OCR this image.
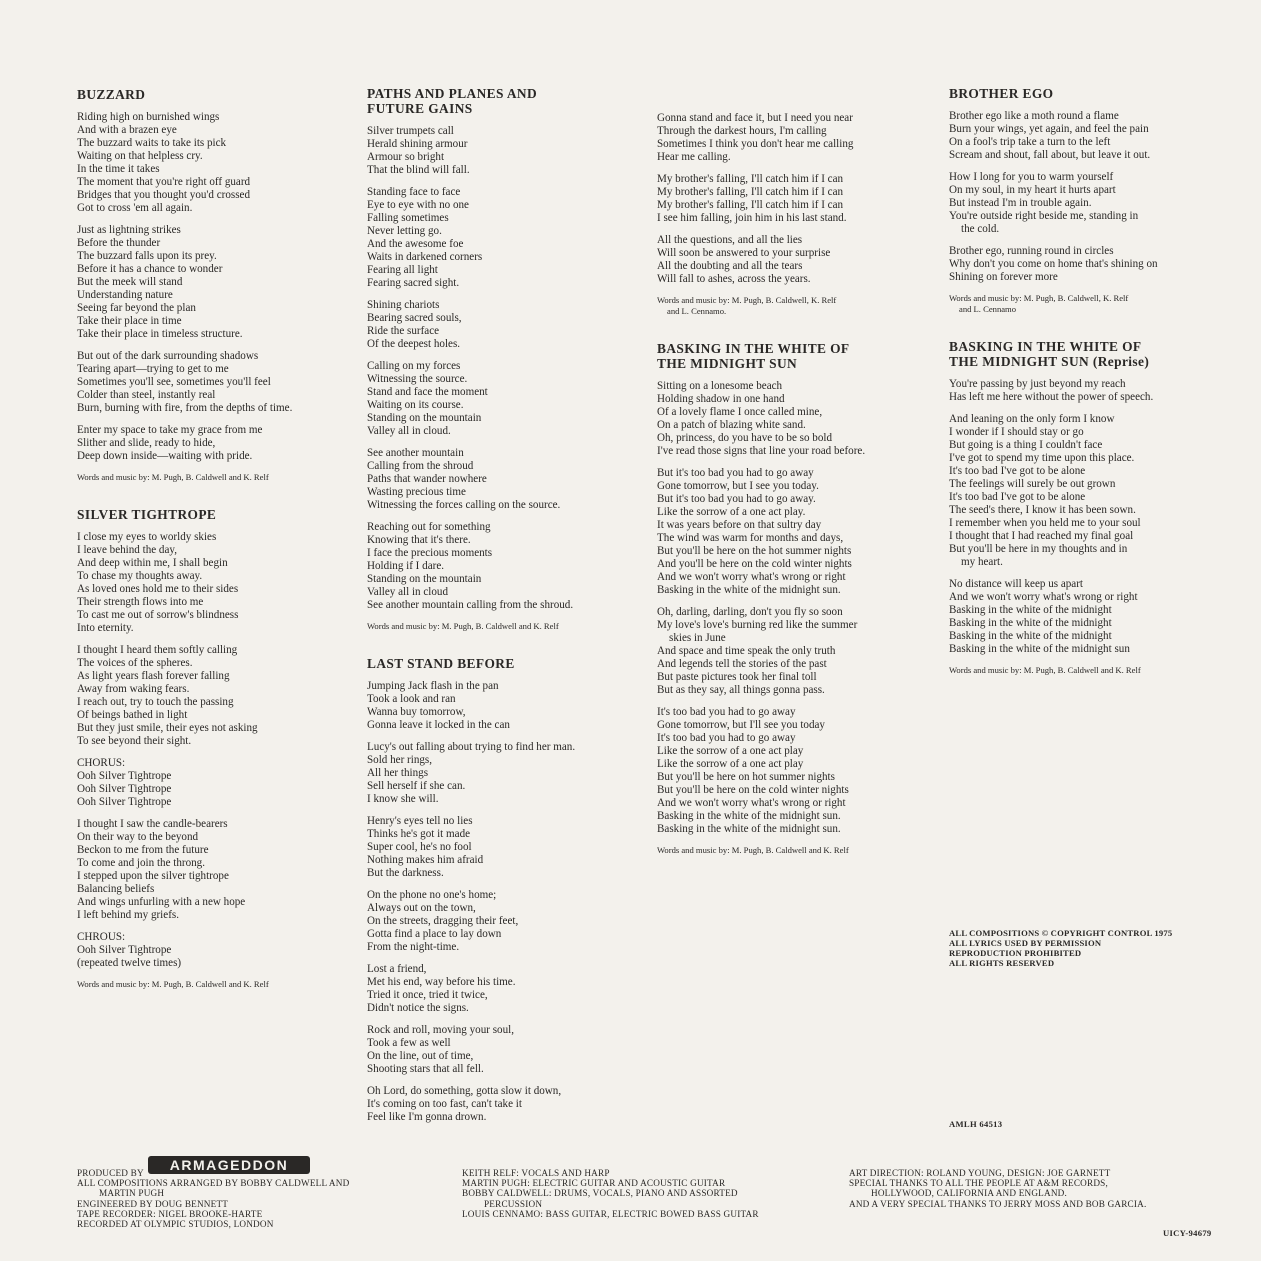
BUZZARD
Riding high on burnished wings
And with a brazen eye
The buzzard waits to take its pick
Waiting on that helpless cry.
In the time it takes
The moment that you're right off guard
Bridges that you thought you'd crossed
Got to cross 'em all again.
Just as lightning strikes
Before the thunder
The buzzard falls upon its prey.
Before it has a chance to wonder
But the meek will stand
Understanding nature
Seeing far beyond the plan
Take their place in time
Take their place in timeless structure.
But out of the dark surrounding shadows
Tearing apart—trying to get to me
Sometimes you'll see, sometimes you'll feel
Colder than steel, instantly real
Burn, burning with fire, from the depths of time.
Enter my space to take my grace from me
Slither and slide, ready to hide,
Deep down inside—waiting with pride.
Words and music by: M. Pugh, B. Caldwell and K. Relf
SILVER TIGHTROPE
I close my eyes to worldy skies
I leave behind the day,
And deep within me, I shall begin
To chase my thoughts away.
As loved ones hold me to their sides
Their strength flows into me
To cast me out of sorrow's blindness
Into eternity.
I thought I heard them softly calling
The voices of the spheres.
As light years flash forever falling
Away from waking fears.
I reach out, try to touch the passing
Of beings bathed in light
But they just smile, their eyes not asking
To see beyond their sight.
CHORUS:
Ooh Silver Tightrope
Ooh Silver Tightrope
Ooh Silver Tightrope
I thought I saw the candle-bearers
On their way to the beyond
Beckon to me from the future
To come and join the throng.
I stepped upon the silver tightrope
Balancing beliefs
And wings unfurling with a new hope
I left behind my griefs.
CHROUS:
Ooh Silver Tightrope
(repeated twelve times)
Words and music by: M. Pugh, B. Caldwell and K. Relf
PATHS AND PLANES AND
FUTURE GAINS
Silver trumpets call
Herald shining armour
Armour so bright
That the blind will fall.
Standing face to face
Eye to eye with no one
Falling sometimes
Never letting go.
And the awesome foe
Waits in darkened corners
Fearing all light
Fearing sacred sight.
Shining chariots
Bearing sacred souls,
Ride the surface
Of the deepest holes.
Calling on my forces
Witnessing the source.
Stand and face the moment
Waiting on its course.
Standing on the mountain
Valley all in cloud.
See another mountain
Calling from the shroud
Paths that wander nowhere
Wasting precious time
Witnessing the forces calling on the source.
Reaching out for something
Knowing that it's there.
I face the precious moments
Holding if I dare.
Standing on the mountain
Valley all in cloud
See another mountain calling from the shroud.
Words and music by: M. Pugh, B. Caldwell and K. Relf
LAST STAND BEFORE
Jumping Jack flash in the pan
Took a look and ran
Wanna buy tomorrow,
Gonna leave it locked in the can
Lucy's out falling about trying to find her man.
Sold her rings,
All her things
Sell herself if she can.
I know she will.
Henry's eyes tell no lies
Thinks he's got it made
Super cool, he's no fool
Nothing makes him afraid
But the darkness.
On the phone no one's home;
Always out on the town,
On the streets, dragging their feet,
Gotta find a place to lay down
From the night-time.
Lost a friend,
Met his end, way before his time.
Tried it once, tried it twice,
Didn't notice the signs.
Rock and roll, moving your soul,
Took a few as well
On the line, out of time,
Shooting stars that all fell.
Oh Lord, do something, gotta slow it down,
It's coming on too fast, can't take it
Feel like I'm gonna drown.
Gonna stand and face it, but I need you near
Through the darkest hours, I'm calling
Sometimes I think you don't hear me calling
Hear me calling.
My brother's falling, I'll catch him if I can
My brother's falling, I'll catch him if I can
My brother's falling, I'll catch him if I can
I see him falling, join him in his last stand.
All the questions, and all the lies
Will soon be answered to your surprise
All the doubting and all the tears
Will fall to ashes, across the years.
Words and music by: M. Pugh, B. Caldwell, K. Relf
and L. Cennamo.
BASKING IN THE WHITE OF
THE MIDNIGHT SUN
Sitting on a lonesome beach
Holding shadow in one hand
Of a lovely flame I once called mine,
On a patch of blazing white sand.
Oh, princess, do you have to be so bold
I've read those signs that line your road before.
But it's too bad you had to go away
Gone tomorrow, but I see you today.
But it's too bad you had to go away.
Like the sorrow of a one act play.
It was years before on that sultry day
The wind was warm for months and days,
But you'll be here on the hot summer nights
And you'll be here on the cold winter nights
And we won't worry what's wrong or right
Basking in the white of the midnight sun.
Oh, darling, darling, don't you fly so soon
My love's love's burning red like the summer
skies in June
And space and time speak the only truth
And legends tell the stories of the past
But paste pictures took her final toll
But as they say, all things gonna pass.
It's too bad you had to go away
Gone tomorrow, but I'll see you today
It's too bad you had to go away
Like the sorrow of a one act play
Like the sorrow of a one act play
But you'll be here on hot summer nights
But you'll be here on the cold winter nights
And we won't worry what's wrong or right
Basking in the white of the midnight sun.
Basking in the white of the midnight sun.
Words and music by: M. Pugh, B. Caldwell and K. Relf
BROTHER EGO
Brother ego like a moth round a flame
Burn your wings, yet again, and feel the pain
On a fool's trip take a turn to the left
Scream and shout, fall about, but leave it out.
How I long for you to warm yourself
On my soul, in my heart it hurts apart
But instead I'm in trouble again.
You're outside right beside me, standing in
the cold.
Brother ego, running round in circles
Why don't you come on home that's shining on
Shining on forever more
Words and music by: M. Pugh, B. Caldwell, K. Relf
and L. Cennamo
BASKING IN THE WHITE OF
THE MIDNIGHT SUN (Reprise)
You're passing by just beyond my reach
Has left me here without the power of speech.
And leaning on the only form I know
I wonder if I should stay or go
But going is a thing I couldn't face
I've got to spend my time upon this place.
It's too bad I've got to be alone
The feelings will surely be out grown
It's too bad I've got to be alone
The seed's there, I know it has been sown.
I remember when you held me to your soul
I thought that I had reached my final goal
But you'll be here in my thoughts and in
my heart.
No distance will keep us apart
And we won't worry what's wrong or right
Basking in the white of the midnight
Basking in the white of the midnight
Basking in the white of the midnight
Basking in the white of the midnight sun
Words and music by: M. Pugh, B. Caldwell and K. Relf
ALL COMPOSITIONS © COPYRIGHT CONTROL 1975
ALL LYRICS USED BY PERMISSION
REPRODUCTION PROHIBITED
ALL RIGHTS RESERVED
AMLH 64513
UICY-94679
PRODUCED BY ARMAGEDDON
ALL COMPOSITIONS ARRANGED BY BOBBY CALDWELL AND
MARTIN PUGH
ENGINEERED BY DOUG BENNETT
TAPE RECORDER: NIGEL BROOKE-HARTE
RECORDED AT OLYMPIC STUDIOS, LONDON
KEITH RELF: VOCALS AND HARP
MARTIN PUGH: ELECTRIC GUITAR AND ACOUSTIC GUITAR
BOBBY CALDWELL: DRUMS, VOCALS, PIANO AND ASSORTED
PERCUSSION
LOUIS CENNAMO: BASS GUITAR, ELECTRIC BOWED BASS GUITAR
ART DIRECTION: ROLAND YOUNG, DESIGN: JOE GARNETT
SPECIAL THANKS TO ALL THE PEOPLE AT A&M RECORDS,
HOLLYWOOD, CALIFORNIA AND ENGLAND.
AND A VERY SPECIAL THANKS TO JERRY MOSS AND BOB GARCIA.
